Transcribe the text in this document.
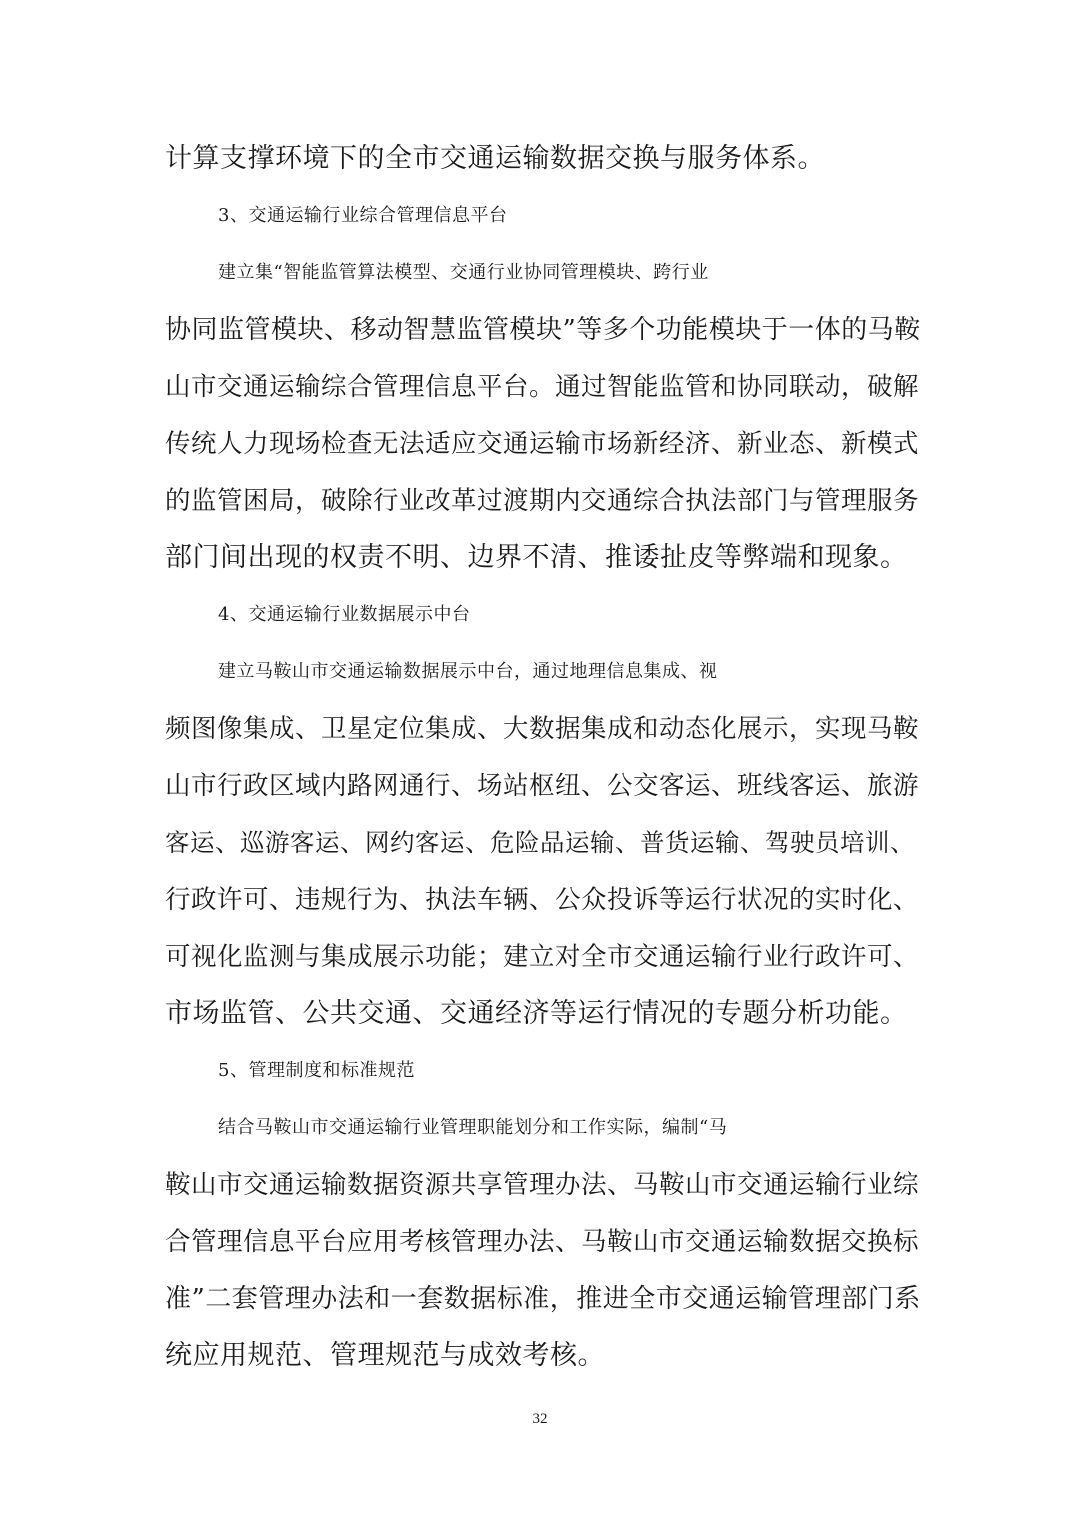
计算支撑环境下的全市交通运输数据交换与服务体系。
3、交通运输行业综合管理信息平台
建立集“智能监管算法模型、交通行业协同管理模块、跨行业
协同监管模块、移动智慧监管模块”等多个功能模块于一体的马鞍
山市交通运输综合管理信息平台。通过智能监管和协同联动，破解
传统人力现场检查无法适应交通运输市场新经济、新业态、新模式
的监管困局，破除行业改革过渡期内交通综合执法部门与管理服务
部门间出现的权责不明、边界不清、推诿扯皮等弊端和现象。
4、交通运输行业数据展示中台
建立马鞍山市交通运输数据展示中台，通过地理信息集成、视
频图像集成、卫星定位集成、大数据集成和动态化展示，实现马鞍
山市行政区域内路网通行、场站枢纽、公交客运、班线客运、旅游
客运、巡游客运、网约客运、危险品运输、普货运输、驾驶员培训、
行政许可、违规行为、执法车辆、公众投诉等运行状况的实时化、
可视化监测与集成展示功能；建立对全市交通运输行业行政许可、
市场监管、公共交通、交通经济等运行情况的专题分析功能。
5、管理制度和标准规范
结合马鞍山市交通运输行业管理职能划分和工作实际，编制“马
鞍山市交通运输数据资源共享管理办法、马鞍山市交通运输行业综
合管理信息平台应用考核管理办法、马鞍山市交通运输数据交换标
准”二套管理办法和一套数据标准，推进全市交通运输管理部门系
统应用规范、管理规范与成效考核。
32
